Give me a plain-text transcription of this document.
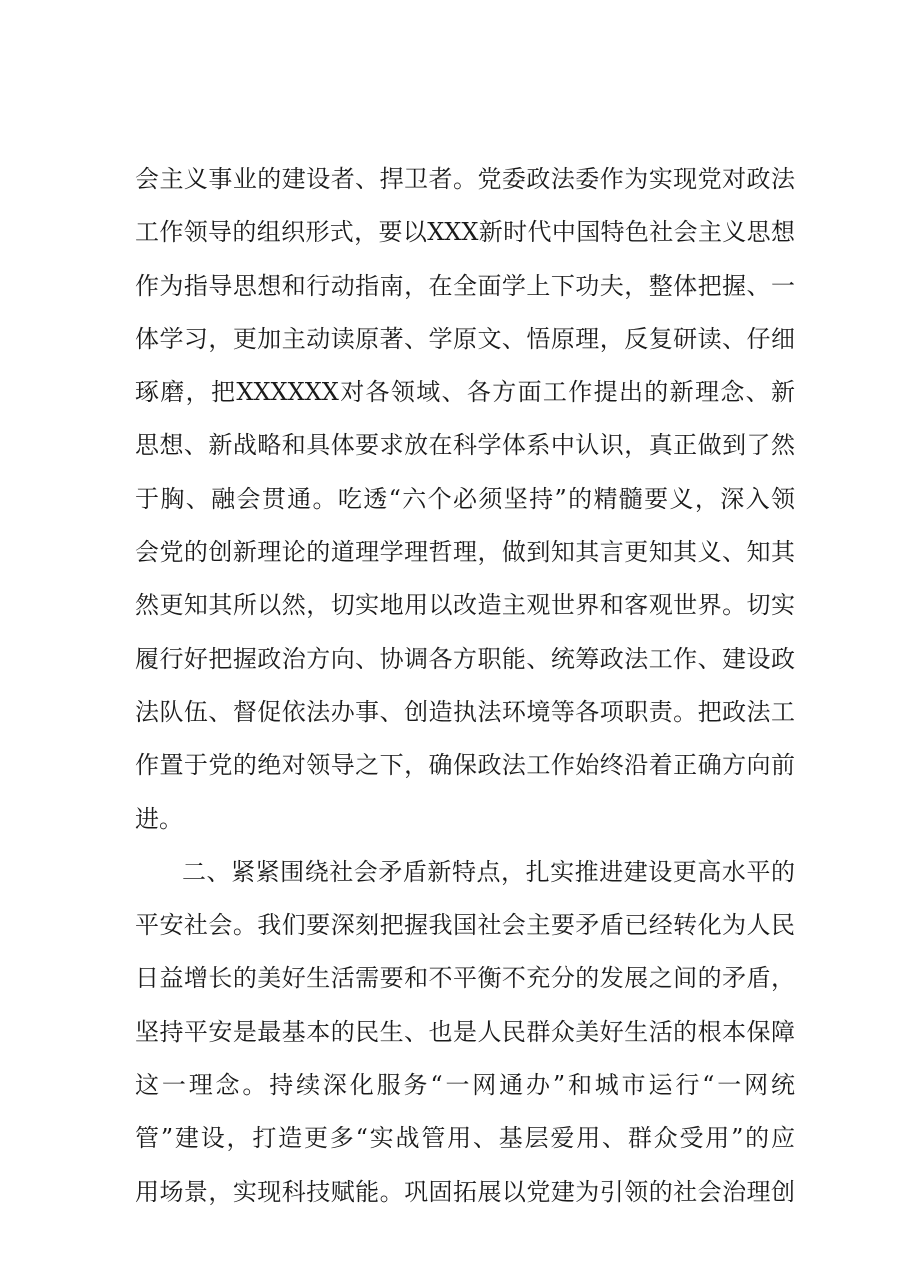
会主义事业的建设者、捍卫者。党委政法委作为实现党对政法
工作领导的组织形式，要以XXX新时代中国特色社会主义思想
作为指导思想和行动指南，在全面学上下功夫，整体把握、一
体学习，更加主动读原著、学原文、悟原理，反复研读、仔细
琢磨，把XXXXXX对各领域、各方面工作提出的新理念、新
思想、新战略和具体要求放在科学体系中认识，真正做到了然
于胸、融会贯通。吃透“六个必须坚持”的精髓要义，深入领
会党的创新理论的道理学理哲理，做到知其言更知其义、知其
然更知其所以然，切实地用以改造主观世界和客观世界。切实
履行好把握政治方向、协调各方职能、统筹政法工作、建设政
法队伍、督促依法办事、创造执法环境等各项职责。把政法工
作置于党的绝对领导之下，确保政法工作始终沿着正确方向前
进。
二、紧紧围绕社会矛盾新特点，扎实推进建设更高水平的
平安社会。我们要深刻把握我国社会主要矛盾已经转化为人民
日益增长的美好生活需要和不平衡不充分的发展之间的矛盾，
坚持平安是最基本的民生、也是人民群众美好生活的根本保障
这一理念。持续深化服务“一网通办”和城市运行“一网统
管”建设，打造更多“实战管用、基层爱用、群众受用”的应
用场景，实现科技赋能。巩固拓展以党建为引领的社会治理创
